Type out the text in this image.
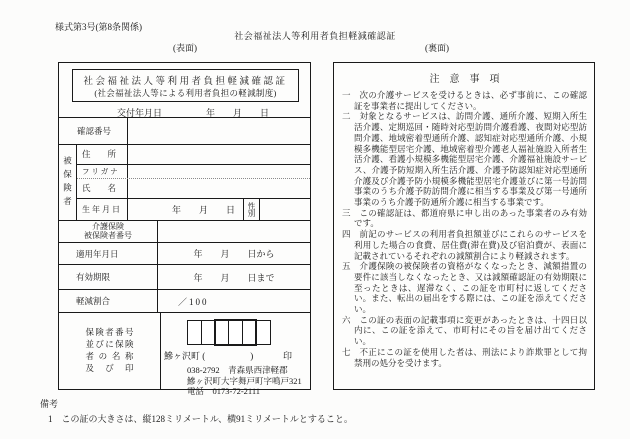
様式第3号(第8条関係)
社会福祉法人等利用者負担軽減確認証
(表面)	(裏面)
社会福祉法人等利用者負担軽減確認証
(社会福祉法人等による利用者負担の軽減制度)
交付年月日	年　　月　　日
確認番号
被保険者
住　　所
フ リ ガ ナ
氏　　名
生 年 月 日	年　　月　　日	性別
介護保険
被保険者番号
適用年月日	年　　月　　日から
有効期限	年　　月　　日まで
軽減割合	／100
保険者番号
並びに保険
者の名称
及び印
鰺ヶ沢町 (　　　　　)	印
038-2792　青森県西津軽郡
鰺ヶ沢町大字舞戸町字鳴戸321
電話　0173-72-2111
注　意　事　項
一　次の介護サービスを受けるときは、必ず事前に、この確認証を事業者に提出してください。
二　対象となるサービスは、訪問介護、通所介護、短期入所生活介護、定期巡回・随時対応型訪問介護看護、夜間対応型訪問介護、地域密着型通所介護、認知症対応型通所介護、小規模多機能型居宅介護、地域密着型介護老人福祉施設入所者生活介護、看護小規模多機能型居宅介護、介護福祉施設サービス、介護予防短期入所生活介護、介護予防認知症対応型通所介護及び介護予防小規模多機能型居宅介護並びに第一号訪問事業のうち介護予防訪問介護に相当する事業及び第一号通所事業のうち介護予防通所介護に相当する事業です。
三　この確認証は、都道府県に申し出のあった事業者のみ有効です。
四　前記のサービスの利用者負担額並びにこれらのサービスを利用した場合の食費、居住費(滞在費)及び宿泊費が、表面に記載されているそれぞれの減額割合により軽減されます。
五　介護保険の被保険者の資格がなくなったとき、減額措置の要件に該当しなくなったとき、又は減額確認証の有効期限に至ったときは、遅滞なく、この証を市町村に返してください。また、転出の届出をする際には、この証を添えてください。
六　この証の表面の記載事項に変更があったときは、十四日以内に、この証を添えて、市町村にその旨を届け出てください。
七　不正にこの証を使用した者は、刑法により詐欺罪として拘禁刑の処分を受けます。
備考
1　この証の大きさは、縦128ミリメートル、横91ミリメートルとすること。
